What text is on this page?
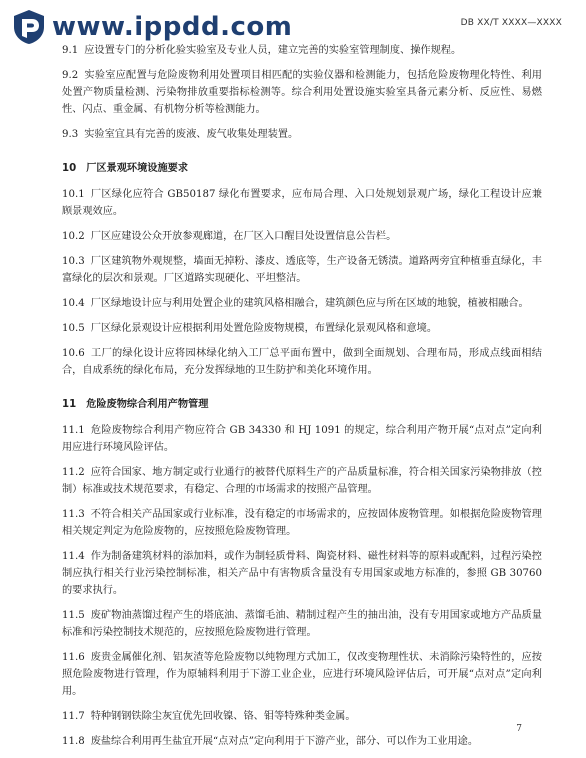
www.ippdd.com	DB XX/T XXXX—XXXX
9.1 应设置专门的分析化验实验室及专业人员，建立完善的实验室管理制度、操作规程。
9.2 实验室应配置与危险废物利用处置项目相匹配的实验仪器和检测能力，包括危险废物理化特性、利用处置产物质量检测、污染物排放重要指标检测等。综合利用处置设施实验室具备元素分析、反应性、易燃性、闪点、重金属、有机物分析等检测能力。
9.3 实验室宜具有完善的废液、废气收集处理装置。
10 厂区景观环境设施要求
10.1 厂区绿化应符合 GB50187 绿化布置要求，应布局合理、入口处规划景观广场，绿化工程设计应兼顾景观效应。
10.2 厂区应建设公众开放参观廊道，在厂区入口醒目处设置信息公告栏。
10.3 厂区建筑物外观规整，墙面无掉粉、漆皮、透底等，生产设备无锈渍。道路两旁宜种植垂直绿化，丰富绿化的层次和景观。厂区道路实现硬化、平坦整洁。
10.4 厂区绿地设计应与利用处置企业的建筑风格相融合，建筑颜色应与所在区域的地貌，植被相融合。
10.5 厂区绿化景观设计应根据利用处置危险废物规模，布置绿化景观风格和意境。
10.6 工厂的绿化设计应将园林绿化纳入工厂总平面布置中，做到全面规划、合理布局，形成点线面相结合，自成系统的绿化布局，充分发挥绿地的卫生防护和美化环境作用。
11 危险废物综合利用产物管理
11.1 危险废物综合利用产物应符合 GB 34330 和 HJ 1091 的规定，综合利用产物开展“点对点”定向利用应进行环境风险评估。
11.2 应符合国家、地方制定或行业通行的被替代原料生产的产品质量标准，符合相关国家污染物排放（控制）标准或技术规范要求，有稳定、合理的市场需求的按照产品管理。
11.3 不符合相关产品国家或行业标准，没有稳定的市场需求的，应按固体废物管理。如根据危险废物管理相关规定判定为危险废物的，应按照危险废物管理。
11.4 作为制备建筑材料的添加料，或作为制轻质骨料、陶瓷材料、磁性材料等的原料或配料，过程污染控制应执行相关行业污染控制标准，相关产品中有害物质含量没有专用国家或地方标准的，参照 GB 30760 的要求执行。
11.5 废矿物油蒸馏过程产生的塔底油、蒸馏毛油、精制过程产生的抽出油，没有专用国家或地方产品质量标准和污染控制技术规范的，应按照危险废物进行管理。
11.6 废贵金属催化剂、铝灰渣等危险废物以纯物理方式加工，仅改变物理性状、未消除污染特性的，应按照危险废物进行管理，作为原辅料利用于下游工业企业，应进行环境风险评估后，可开展“点对点”定向利用。
11.7 特种钢钢铁除尘灰宜优先回收镍、铬、钼等特殊种类金属。
11.8 废盐综合利用再生盐宜开展“点对点”定向利用于下游产业，部分、可以作为工业用途。
7
